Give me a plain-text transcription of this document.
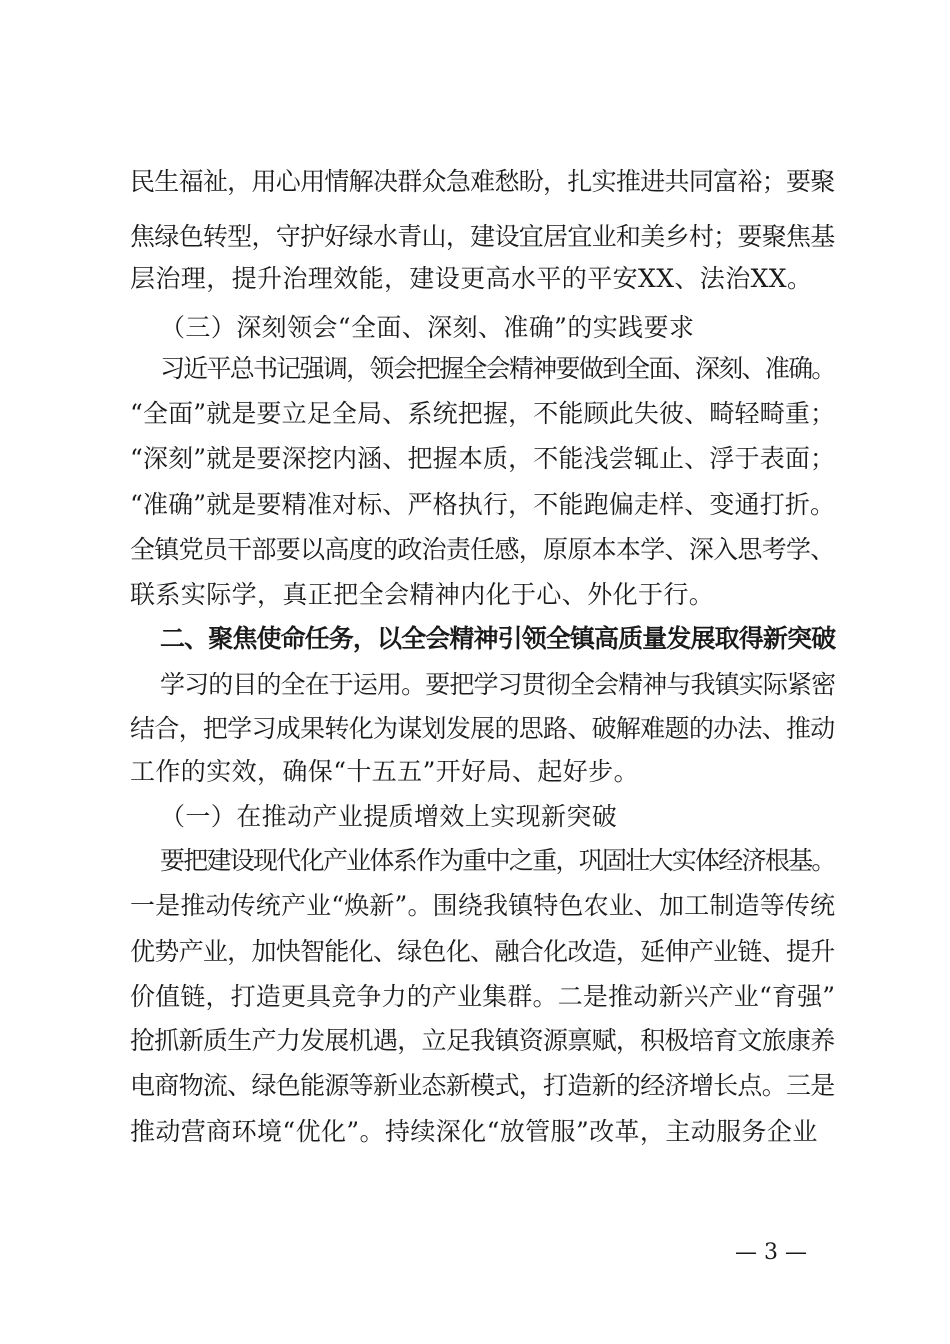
民生福祉，用心用情解决群众急难愁盼，扎实推进共同富裕；要聚
焦绿色转型，守护好绿水青山，建设宜居宜业和美乡村；要聚焦基
层治理，提升治理效能，建设更高水平的平安XX、法治XX。
（三）深刻领会“全面、深刻、准确”的实践要求
习近平总书记强调，领会把握全会精神要做到全面、深刻、准确。
“全面”就是要立足全局、系统把握，不能顾此失彼、畸轻畸重；
“深刻”就是要深挖内涵、把握本质，不能浅尝辄止、浮于表面；
“准确”就是要精准对标、严格执行，不能跑偏走样、变通打折。
全镇党员干部要以高度的政治责任感，原原本本学、深入思考学、
联系实际学，真正把全会精神内化于心、外化于行。
二、聚焦使命任务，以全会精神引领全镇高质量发展取得新突破
学习的目的全在于运用。要把学习贯彻全会精神与我镇实际紧密
结合，把学习成果转化为谋划发展的思路、破解难题的办法、推动
工作的实效，确保“十五五”开好局、起好步。
（一）在推动产业提质增效上实现新突破
要把建设现代化产业体系作为重中之重，巩固壮大实体经济根基。
一是推动传统产业“焕新”。围绕我镇特色农业、加工制造等传统
优势产业，加快智能化、绿色化、融合化改造，延伸产业链、提升
价值链，打造更具竞争力的产业集群。二是推动新兴产业“育强”
抢抓新质生产力发展机遇，立足我镇资源禀赋，积极培育文旅康养
电商物流、绿色能源等新业态新模式，打造新的经济增长点。三是
推动营商环境“优化”。持续深化“放管服”改革，主动服务企业
— 3 —
